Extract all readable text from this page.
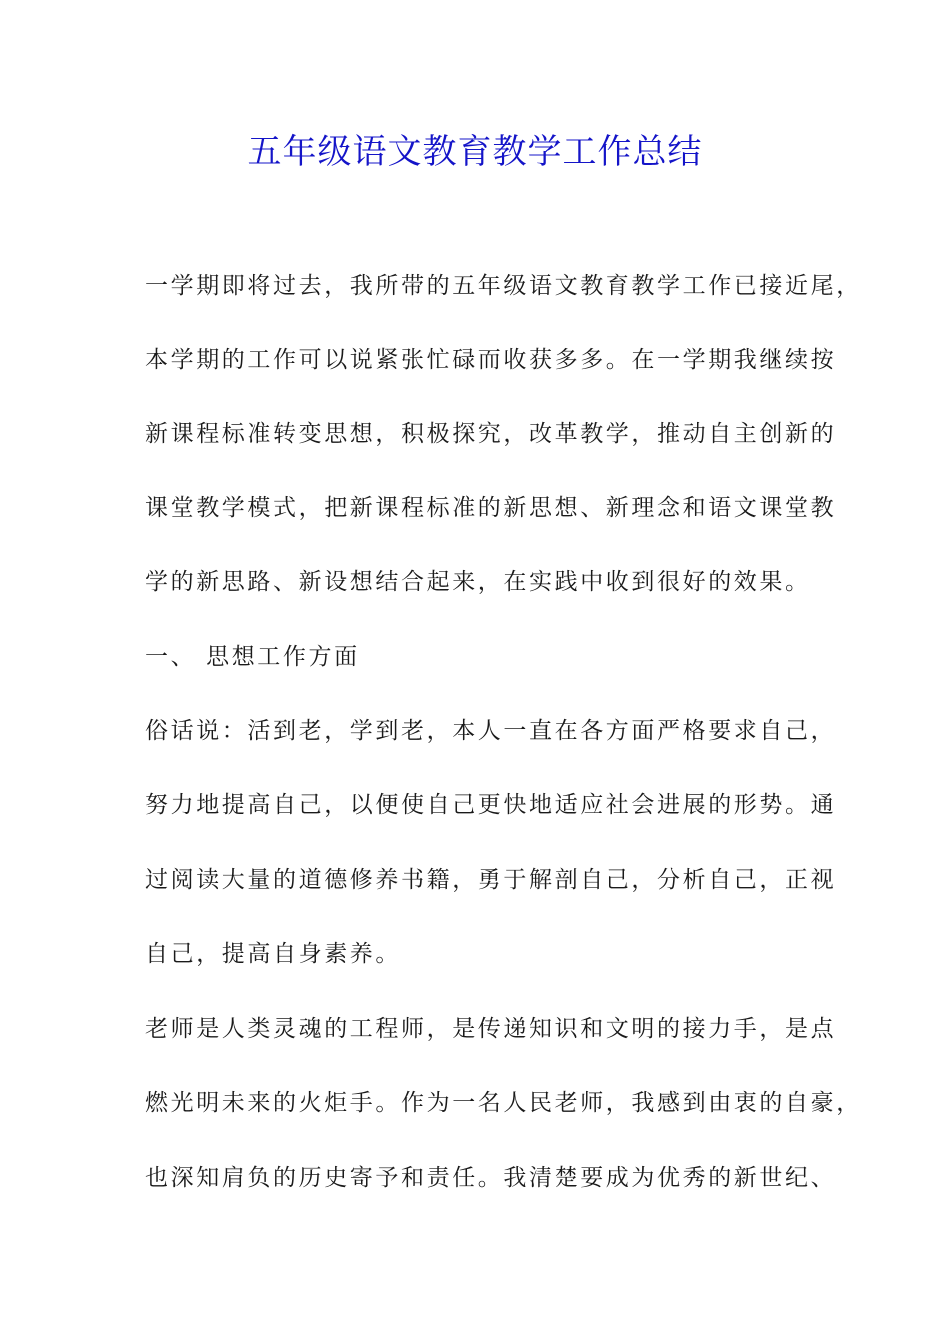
五年级语文教育教学工作总结
一学期即将过去，我所带的五年级语文教育教学工作已接近尾，
本学期的工作可以说紧张忙碌而收获多多。在一学期我继续按
新课程标准转变思想，积极探究，改革教学，推动自主创新的
课堂教学模式，把新课程标准的新思想、新理念和语文课堂教
学的新思路、新设想结合起来，在实践中收到很好的效果。
一、 思想工作方面
俗话说：活到老，学到老，本人一直在各方面严格要求自己，
努力地提高自己，以便使自己更快地适应社会进展的形势。通
过阅读大量的道德修养书籍，勇于解剖自己，分析自己，正视
自己，提高自身素养。
老师是人类灵魂的工程师，是传递知识和文明的接力手，是点
燃光明未来的火炬手。作为一名人民老师，我感到由衷的自豪，
也深知肩负的历史寄予和责任。我清楚要成为优秀的新世纪、
